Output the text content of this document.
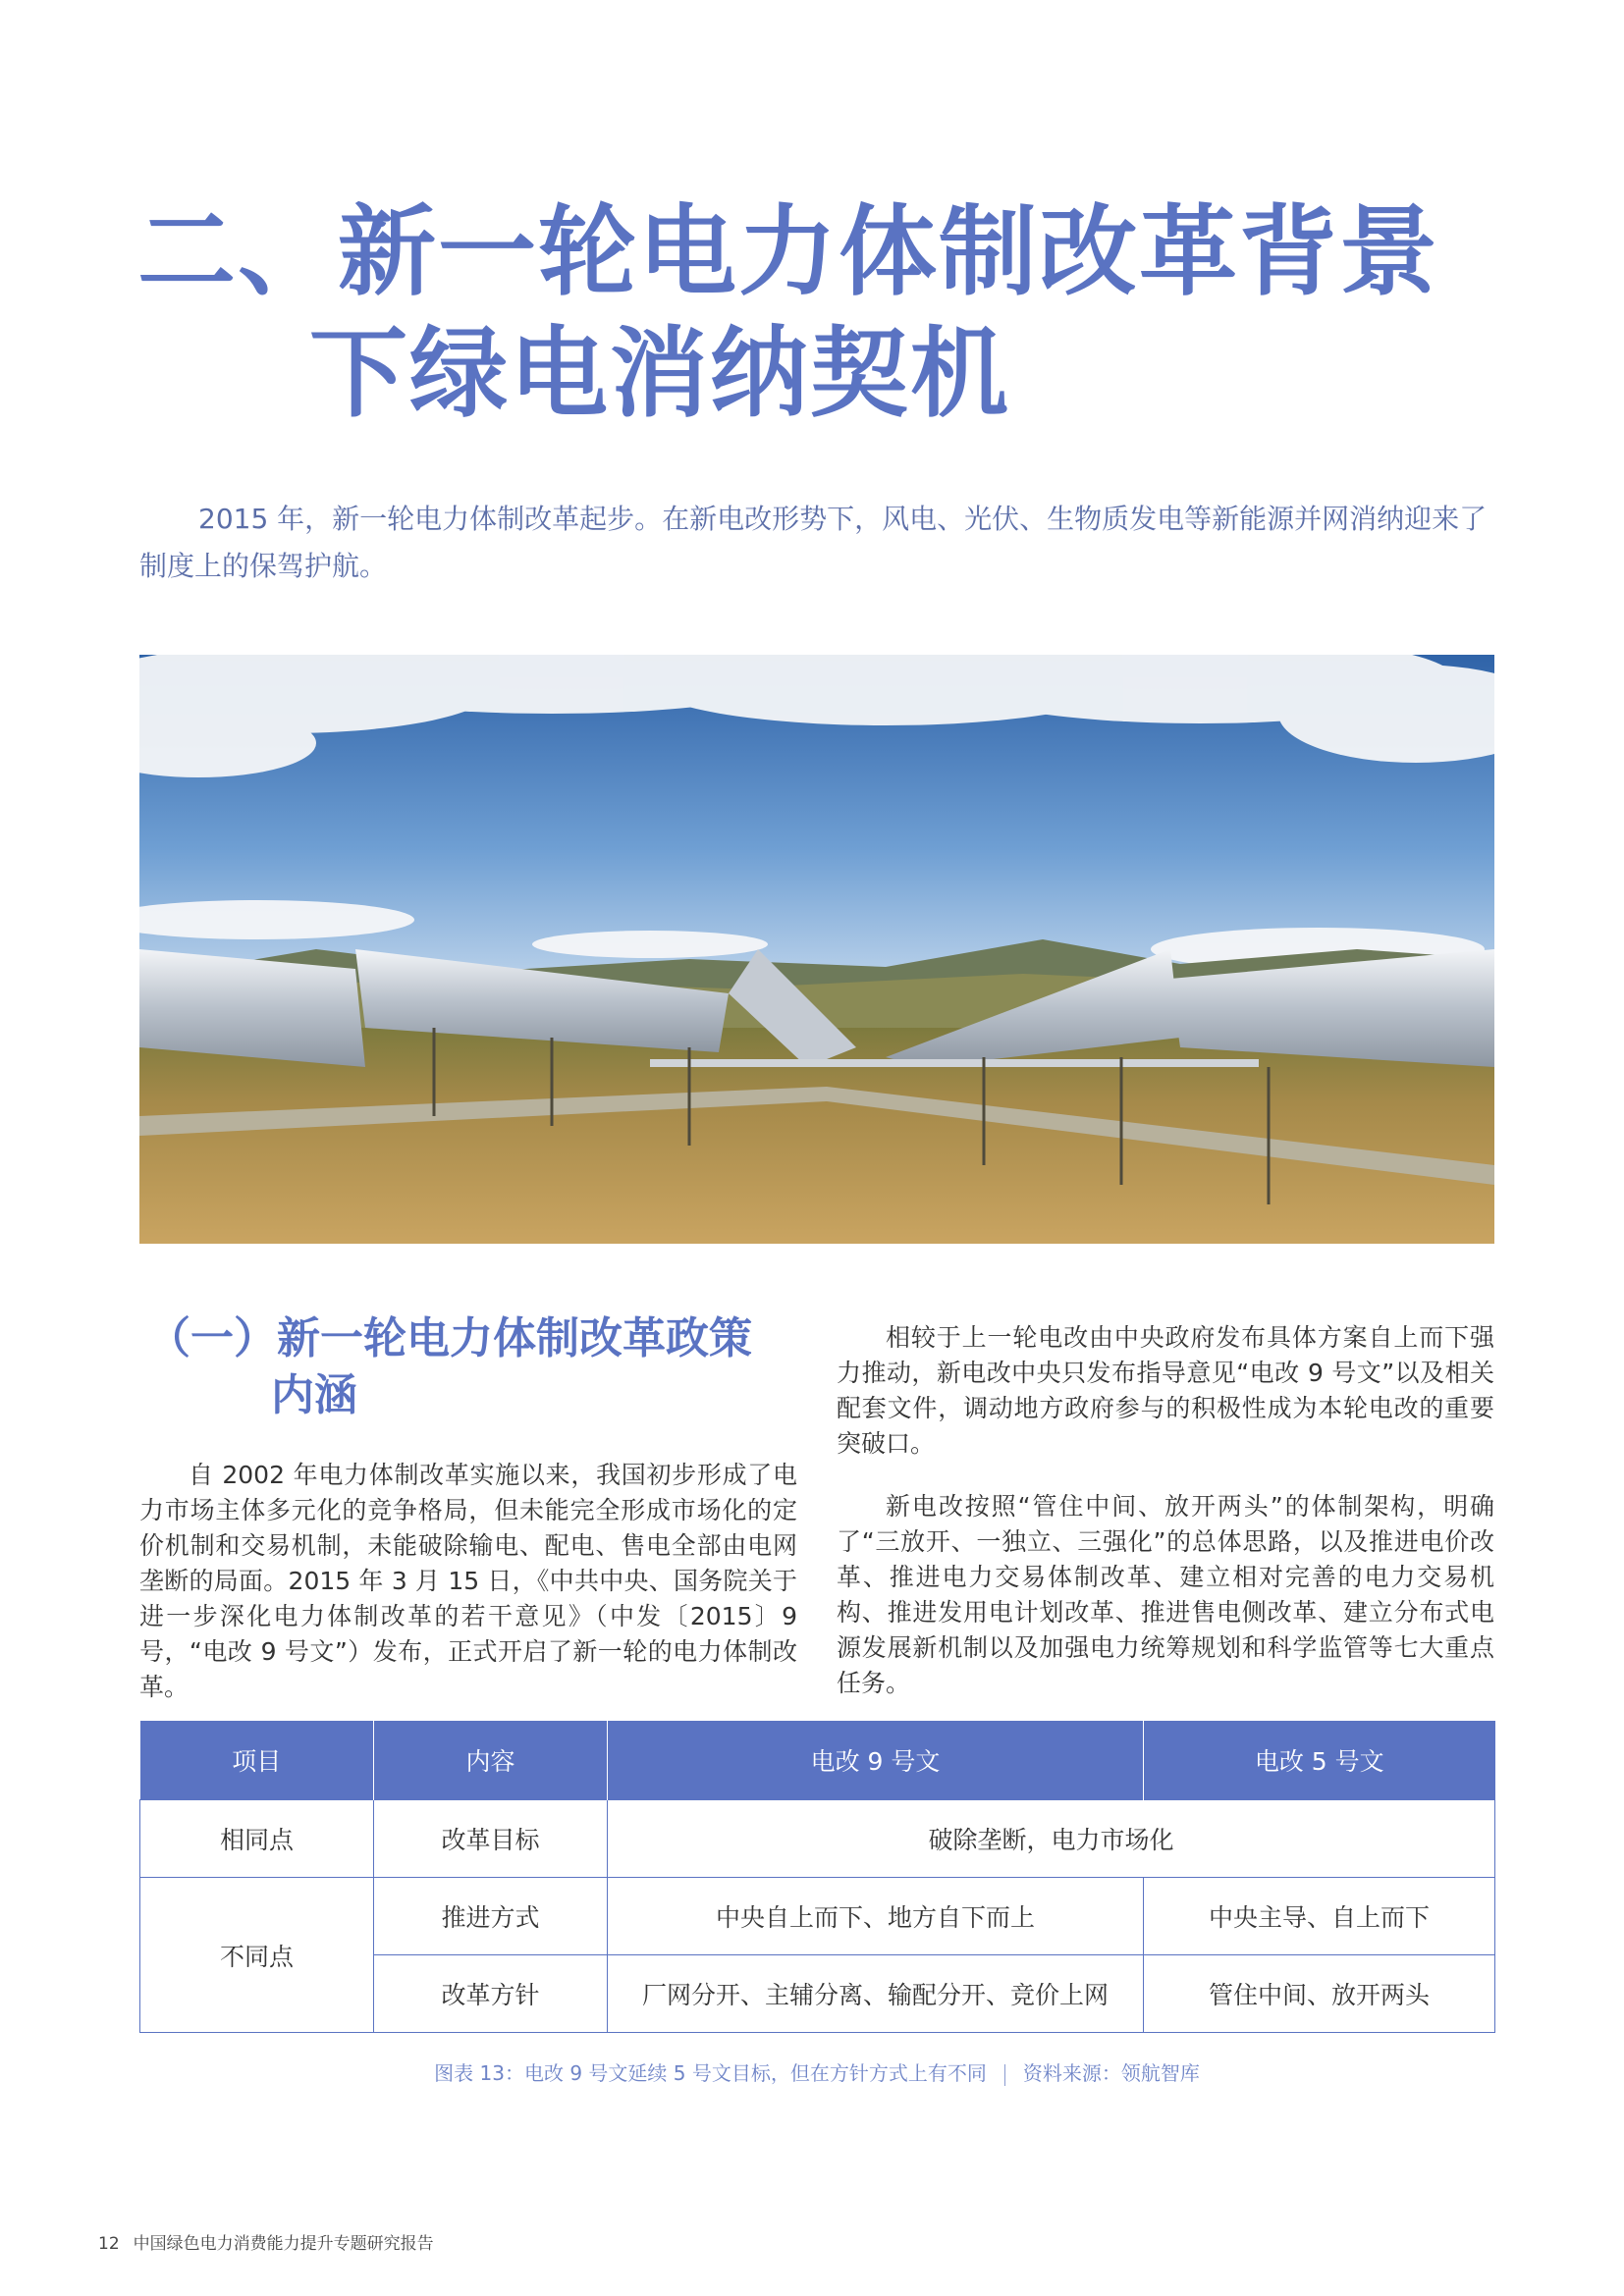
二、新一轮电力体制改革背景
下绿电消纳契机

2015 年，新一轮电力体制改革起步。在新电改形势下，风电、光伏、生物质发电等新能源并网消纳迎来了制度上的保驾护航。

（一）新一轮电力体制改革政策
内涵

自 2002 年电力体制改革实施以来，我国初步形成了电力市场主体多元化的竞争格局，但未能完全形成市场化的定价机制和交易机制，未能破除输电、配电、售电全部由电网垄断的局面。2015 年 3 月 15 日，《中共中央、国务院关于进一步深化电力体制改革的若干意见》（中发〔2015〕9 号，“电改 9 号文”）发布，正式开启了新一轮的电力体制改革。

相较于上一轮电改由中央政府发布具体方案自上而下强力推动，新电改中央只发布指导意见“电改 9 号文”以及相关配套文件，调动地方政府参与的积极性成为本轮电改的重要突破口。

新电改按照“管住中间、放开两头”的体制架构，明确了“三放开、一独立、三强化”的总体思路，以及推进电价改革、推进电力交易体制改革、建立相对完善的电力交易机构、推进发用电计划改革、推进售电侧改革、建立分布式电源发展新机制以及加强电力统筹规划和科学监管等七大重点任务。

项目	内容	电改 9 号文	电改 5 号文
相同点	改革目标	破除垄断，电力市场化	
不同点	推进方式	中央自上而下、地方自下而上	中央主导、自上而下
	改革方针	厂网分开、主辅分离、输配分开、竞价上网	管住中间、放开两头

图表 13：电改 9 号文延续 5 号文目标，但在方针方式上有不同 资料来源：领航智库

12 中国绿色电力消费能力提升专题研究报告
